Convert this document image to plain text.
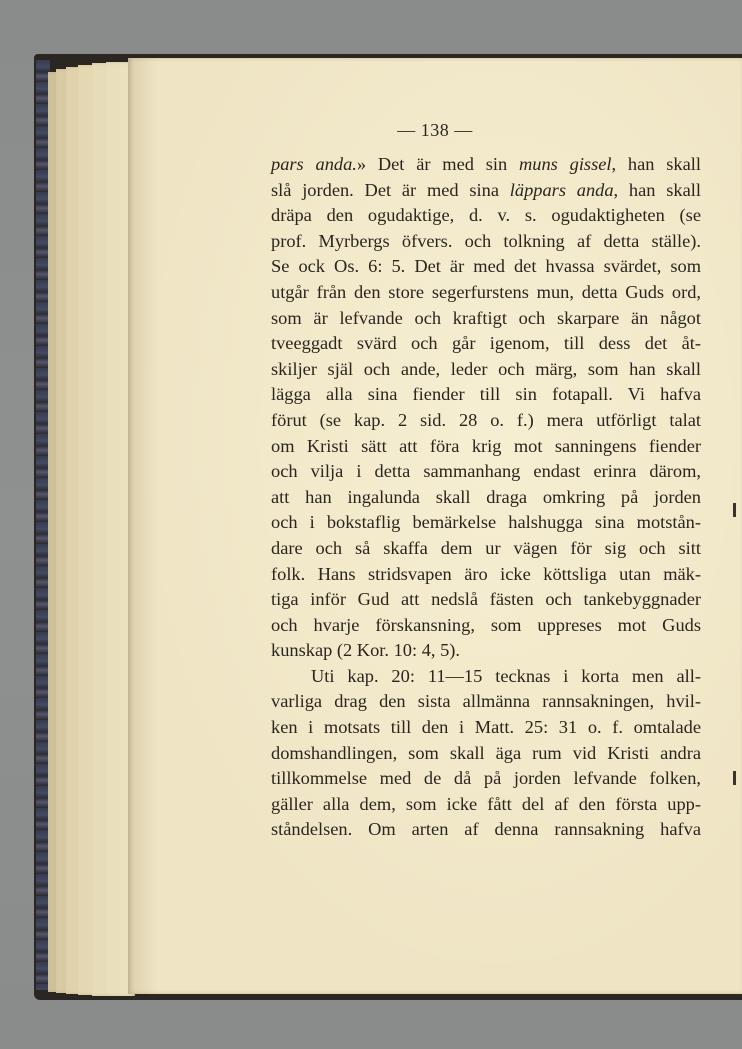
— 138 —
pars anda.» Det är med sin muns gissel, han skall
slå jorden. Det är med sina läppars anda, han skall
dräpa den ogudaktige, d. v. s. ogudaktigheten (se
prof. Myrbergs öfvers. och tolkning af detta ställe).
Se ock Os. 6: 5. Det är med det hvassa svärdet, som
utgår från den store segerfurstens mun, detta Guds ord,
som är lefvande och kraftigt och skarpare än något
tveeggadt svärd och går igenom, till dess det åt-
skiljer själ och ande, leder och märg, som han skall
lägga alla sina fiender till sin fotapall. Vi hafva
förut (se kap. 2 sid. 28 o. f.) mera utförligt talat
om Kristi sätt att föra krig mot sanningens fiender
och vilja i detta sammanhang endast erinra därom,
att han ingalunda skall draga omkring på jorden
och i bokstaflig bemärkelse halshugga sina motstån-
dare och så skaffa dem ur vägen för sig och sitt
folk. Hans stridsvapen äro icke köttsliga utan mäk-
tiga inför Gud att nedslå fästen och tankebyggnader
och hvarje förskansning, som uppreses mot Guds
kunskap (2 Kor. 10: 4, 5).
Uti kap. 20: 11—15 tecknas i korta men all-
varliga drag den sista allmänna rannsakningen, hvil-
ken i motsats till den i Matt. 25: 31 o. f. omtalade
domshandlingen, som skall äga rum vid Kristi andra
tillkommelse med de då på jorden lefvande folken,
gäller alla dem, som icke fått del af den första upp-
ståndelsen. Om arten af denna rannsakning hafva
